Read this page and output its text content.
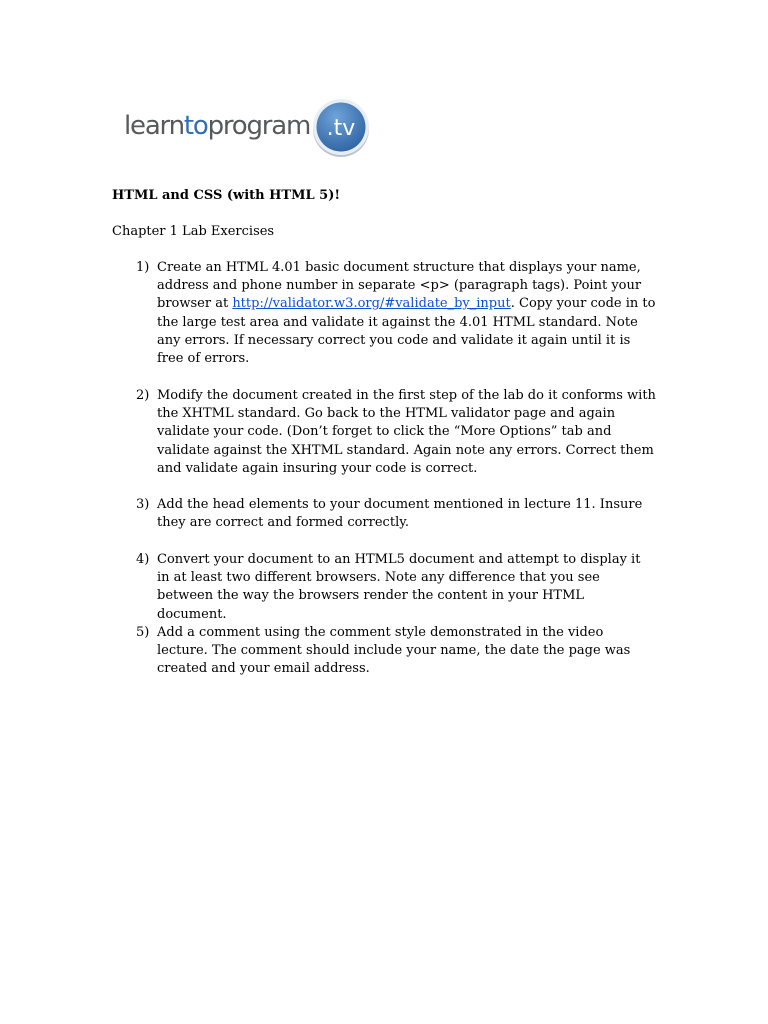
learntoprogram .tv
HTML and CSS (with HTML 5)!
Chapter 1 Lab Exercises
1) Create an HTML 4.01 basic document structure that displays your name, address and phone number in separate <p> (paragraph tags). Point your browser at http://validator.w3.org/#validate_by_input. Copy your code in to the large test area and validate it against the 4.01 HTML standard. Note any errors. If necessary correct you code and validate it again until it is free of errors.
2) Modify the document created in the first step of the lab do it conforms with the XHTML standard. Go back to the HTML validator page and again validate your code. (Don’t forget to click the “More Options” tab and validate against the XHTML standard. Again note any errors. Correct them and validate again insuring your code is correct.
3) Add the head elements to your document mentioned in lecture 11. Insure they are correct and formed correctly.
4) Convert your document to an HTML5 document and attempt to display it in at least two different browsers. Note any difference that you see between the way the browsers render the content in your HTML document.
5) Add a comment using the comment style demonstrated in the video lecture. The comment should include your name, the date the page was created and your email address.
